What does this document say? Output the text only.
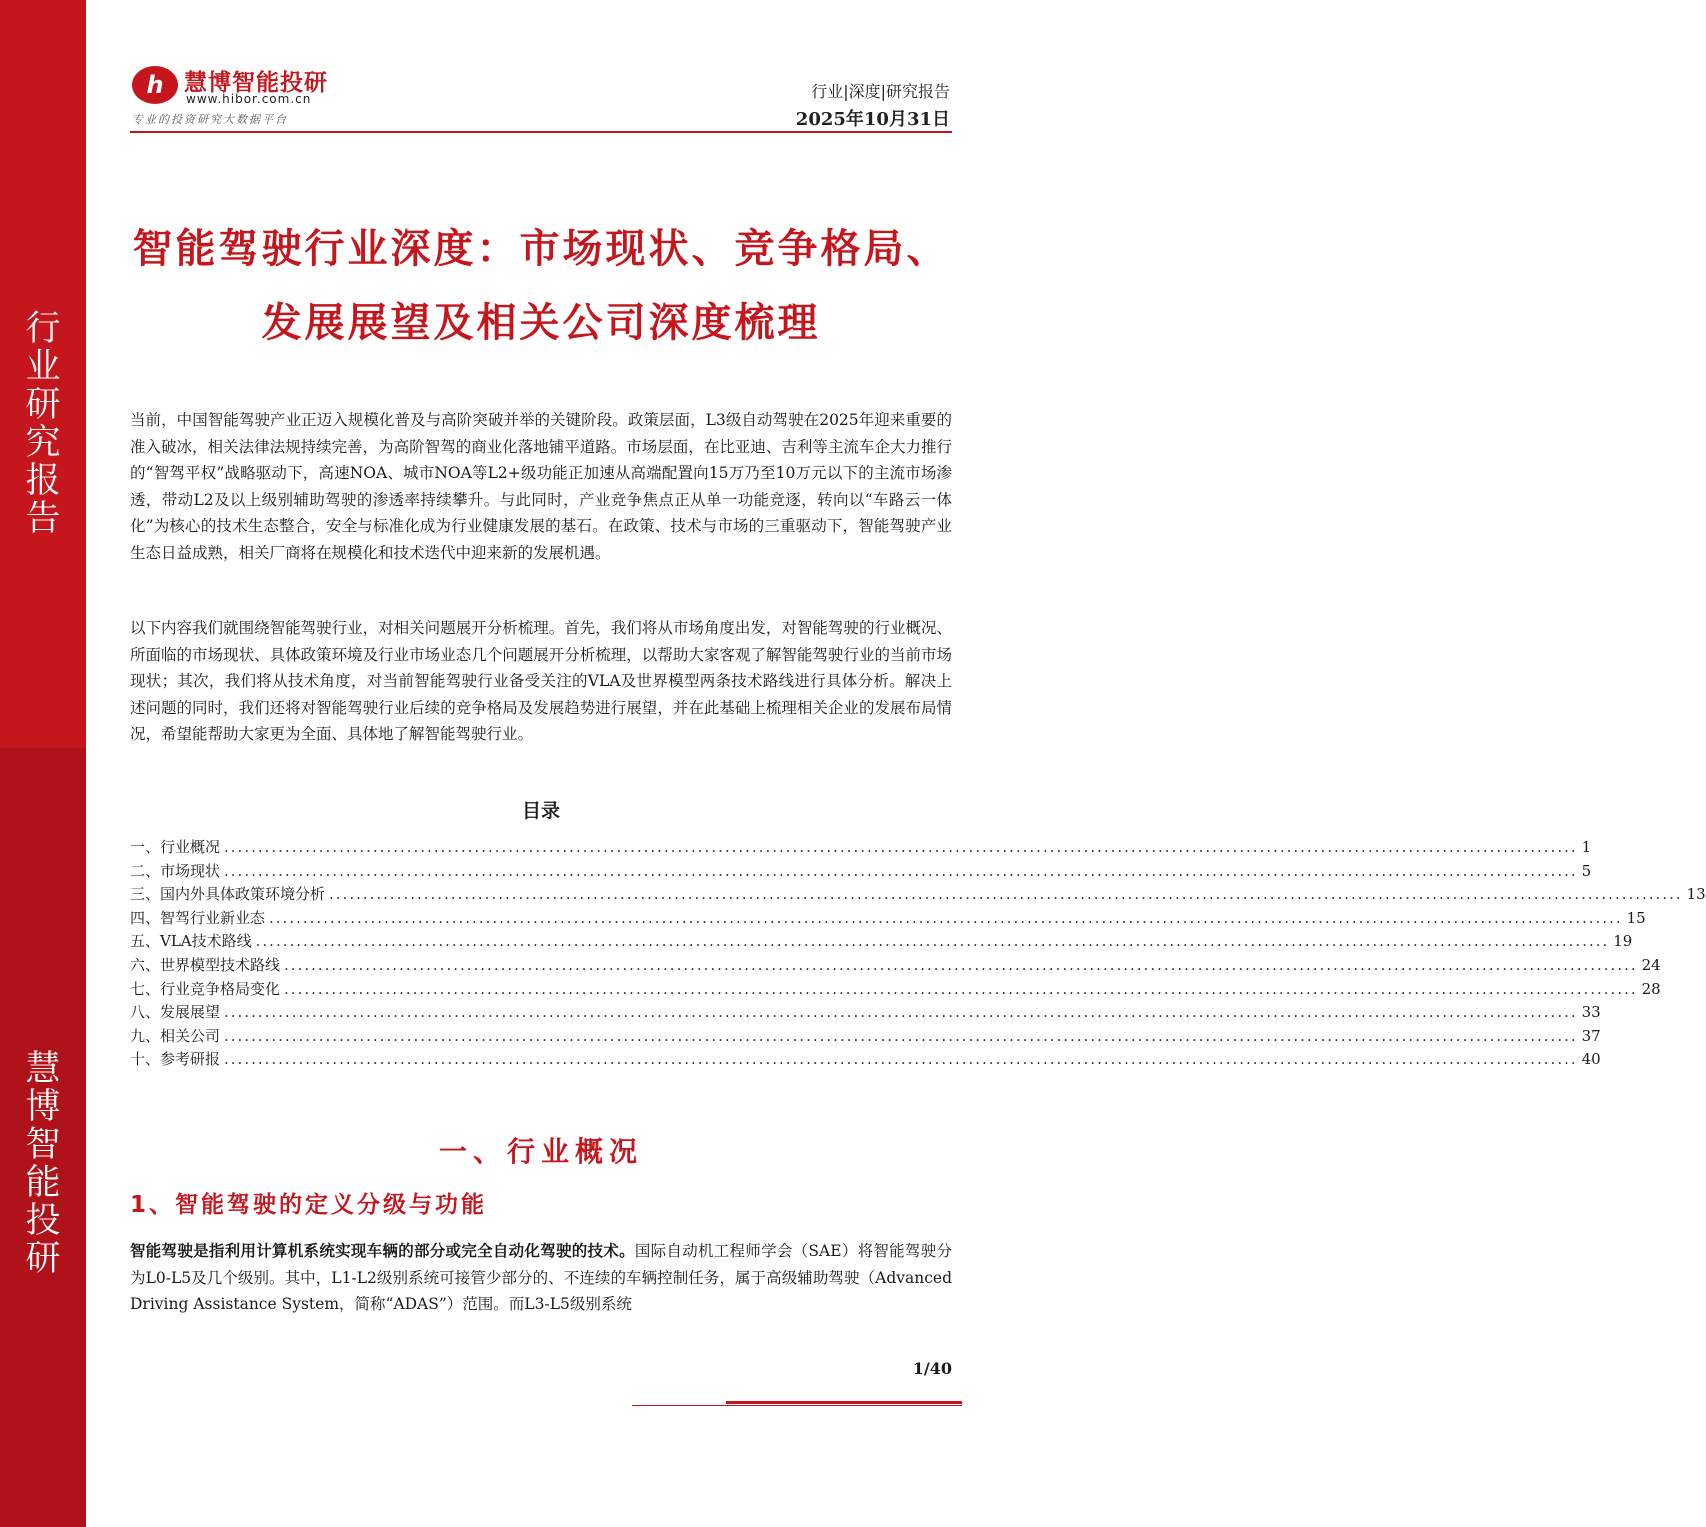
行
业
研
究
报
告
慧
博
智
能
投
研
h 慧博智能投研
www.hibor.com.cn
专业的投资研究大数据平台
行业|深度|研究报告
2025年10月31日
智能驾驶行业深度：市场现状、竞争格局、
发展展望及相关公司深度梳理

当前，中国智能驾驶产业正迈入规模化普及与高阶突破并举的关键阶段。政策层面，L3级自动驾驶在2025年迎来重要的准入破冰，相关法律法规持续完善，为高阶智驾的商业化落地铺平道路。市场层面，在比亚迪、吉利等主流车企大力推行的“智驾平权”战略驱动下，高速NOA、城市NOA等L2+级功能正加速从高端配置向15万乃至10万元以下的主流市场渗透，带动L2及以上级别辅助驾驶的渗透率持续攀升。与此同时，产业竞争焦点正从单一功能竞逐，转向以“车路云一体化”为核心的技术生态整合，安全与标准化成为行业健康发展的基石。在政策、技术与市场的三重驱动下，智能驾驶产业生态日益成熟，相关厂商将在规模化和技术迭代中迎来新的发展机遇。

以下内容我们就围绕智能驾驶行业，对相关问题展开分析梳理。首先，我们将从市场角度出发，对智能驾驶的行业概况、所面临的市场现状、具体政策环境及行业市场业态几个问题展开分析梳理，以帮助大家客观了解智能驾驶行业的当前市场现状；其次，我们将从技术角度，对当前智能驾驶行业备受关注的VLA及世界模型两条技术路线进行具体分析。解决上述问题的同时，我们还将对智能驾驶行业后续的竞争格局及发展趋势进行展望，并在此基础上梳理相关企业的发展布局情况，希望能帮助大家更为全面、具体地了解智能驾驶行业。

目录
一、行业概况 ........................................................................................................................................................................................................ 1
二、市场现状 ........................................................................................................................................................................................................ 5
三、国内外具体政策环境分析 ........................................................................................................................................................................................................ 13
四、智驾行业新业态 ........................................................................................................................................................................................................ 15
五、VLA技术路线 ........................................................................................................................................................................................................ 19
六、世界模型技术路线 ........................................................................................................................................................................................................ 24
七、行业竞争格局变化 ........................................................................................................................................................................................................ 28
八、发展展望 ........................................................................................................................................................................................................ 33
九、相关公司 ........................................................................................................................................................................................................ 37
十、参考研报 ........................................................................................................................................................................................................ 40
一、行业概况
1、智能驾驶的定义分级与功能

智能驾驶是指利用计算机系统实现车辆的部分或完全自动化驾驶的技术。国际自动机工程师学会（SAE）将智能驾驶分为L0-L5及几个级别。其中，L1-L2级别系统可接管少部分的、不连续的车辆控制任务，属于高级辅助驾驶（Advanced Driving Assistance System，简称“ADAS”）范围。而L3-L5级别系统

1/40
